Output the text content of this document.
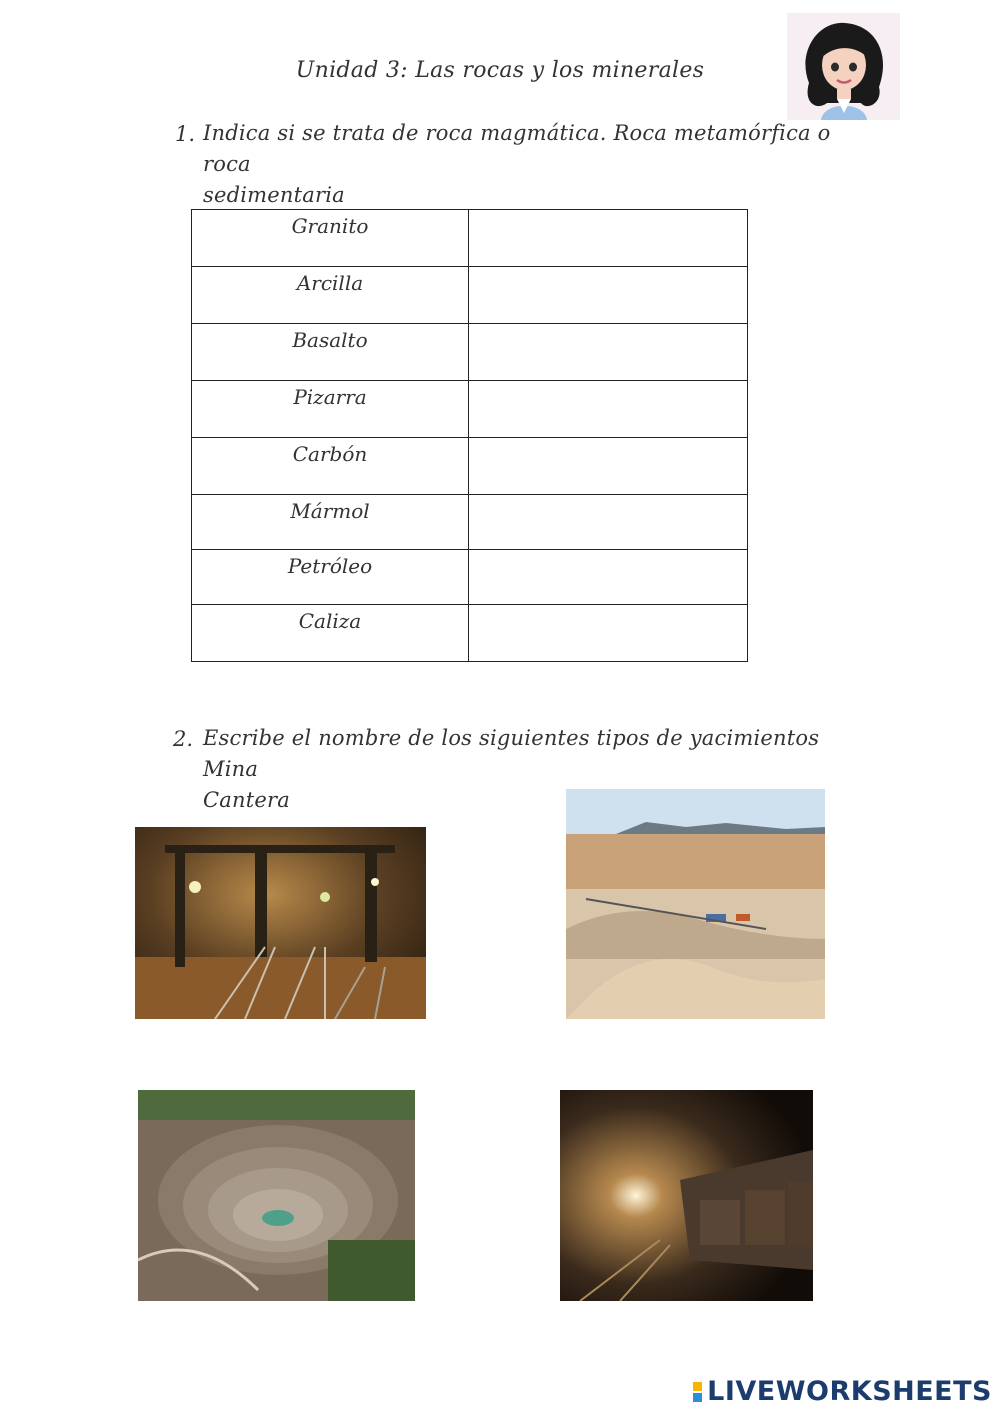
Unidad 3: Las rocas y los minerales
1. Indica si se trata de roca magmática. Roca metamórfica o roca
sedimentaria
Granito	
Arcilla	
Basalto	
Pizarra	
Carbón	
Mármol	
Petróleo	
Caliza	
2. Escribe el nombre de los siguientes tipos de yacimientos
Mina
Cantera
LIVEWORKSHEETS
